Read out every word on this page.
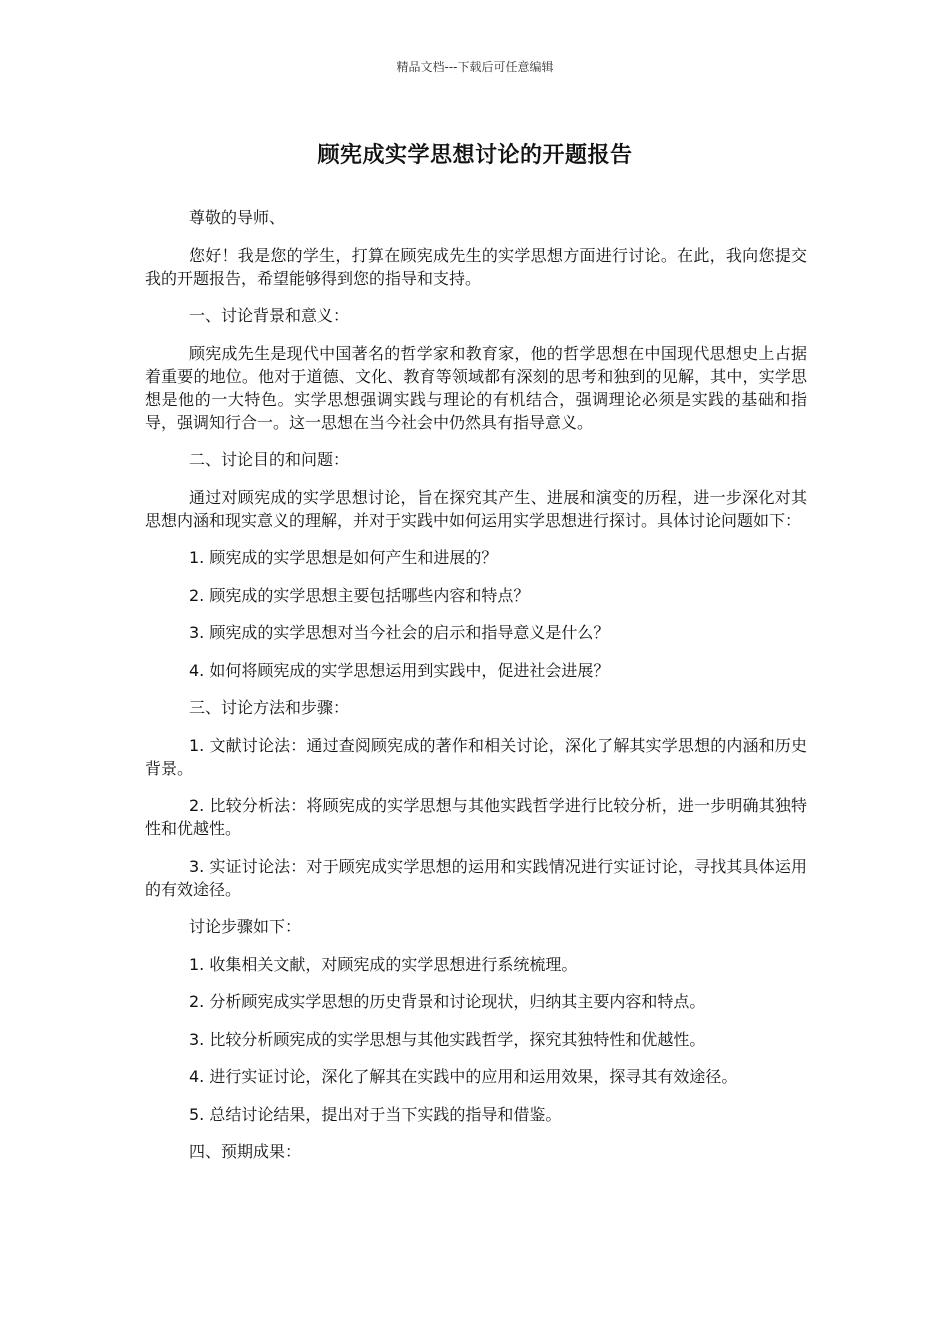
精品文档---下载后可任意编辑
顾宪成实学思想讨论的开题报告

尊敬的导师、

您好！我是您的学生，打算在顾宪成先生的实学思想方面进行讨论。在此，我向您提交我的开题报告，希望能够得到您的指导和支持。

一、讨论背景和意义：

顾宪成先生是现代中国著名的哲学家和教育家，他的哲学思想在中国现代思想史上占据着重要的地位。他对于道德、文化、教育等领域都有深刻的思考和独到的见解，其中，实学思想是他的一大特色。实学思想强调实践与理论的有机结合，强调理论必须是实践的基础和指导，强调知行合一。这一思想在当今社会中仍然具有指导意义。

二、讨论目的和问题：

通过对顾宪成的实学思想讨论，旨在探究其产生、进展和演变的历程，进一步深化对其思想内涵和现实意义的理解，并对于实践中如何运用实学思想进行探讨。具体讨论问题如下：

1. 顾宪成的实学思想是如何产生和进展的？

2. 顾宪成的实学思想主要包括哪些内容和特点？

3. 顾宪成的实学思想对当今社会的启示和指导意义是什么？

4. 如何将顾宪成的实学思想运用到实践中，促进社会进展？

三、讨论方法和步骤：

1. 文献讨论法：通过查阅顾宪成的著作和相关讨论，深化了解其实学思想的内涵和历史背景。

2. 比较分析法：将顾宪成的实学思想与其他实践哲学进行比较分析，进一步明确其独特性和优越性。

3. 实证讨论法：对于顾宪成实学思想的运用和实践情况进行实证讨论，寻找其具体运用的有效途径。

讨论步骤如下：

1. 收集相关文献，对顾宪成的实学思想进行系统梳理。

2. 分析顾宪成实学思想的历史背景和讨论现状，归纳其主要内容和特点。

3. 比较分析顾宪成的实学思想与其他实践哲学，探究其独特性和优越性。

4. 进行实证讨论，深化了解其在实践中的应用和运用效果，探寻其有效途径。

5. 总结讨论结果，提出对于当下实践的指导和借鉴。

四、预期成果：
